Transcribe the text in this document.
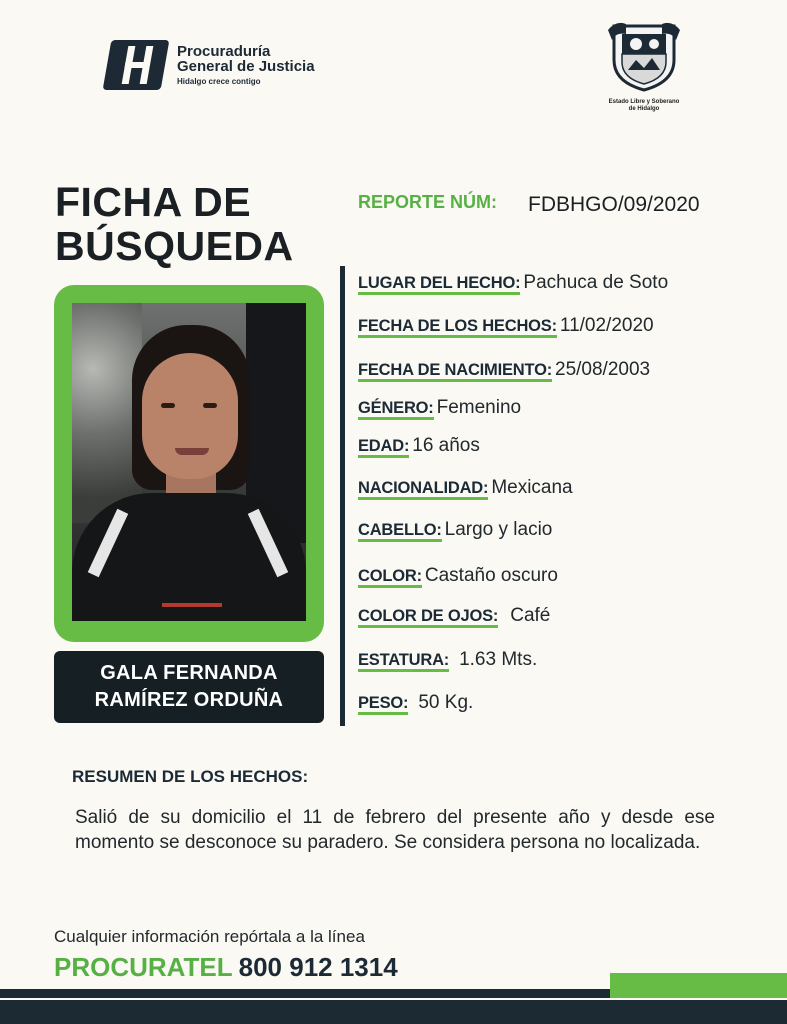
Procuraduría
General de Justicia
Hidalgo crece contigo
Estado Libre y Soberano
de Hidalgo
FICHA DE
BÚSQUEDA
REPORTE NÚM: FDBHGO/09/2020
GALA FERNANDA
RAMÍREZ ORDUÑA
LUGAR DEL HECHO: Pachuca de Soto
FECHA DE LOS HECHOS: 11/02/2020
FECHA DE NACIMIENTO: 25/08/2003
GÉNERO: Femenino
EDAD: 16 años
NACIONALIDAD: Mexicana
CABELLO: Largo y lacio
COLOR: Castaño oscuro
COLOR DE OJOS: Café
ESTATURA: 1.63 Mts.
PESO: 50 Kg.
RESUMEN DE LOS HECHOS:
Salió de su domicilio el 11 de febrero del presente año y desde ese momento se desconoce su paradero. Se considera persona no localizada.
Cualquier información repórtala a la línea
PROCURATEL 800 912 1314
